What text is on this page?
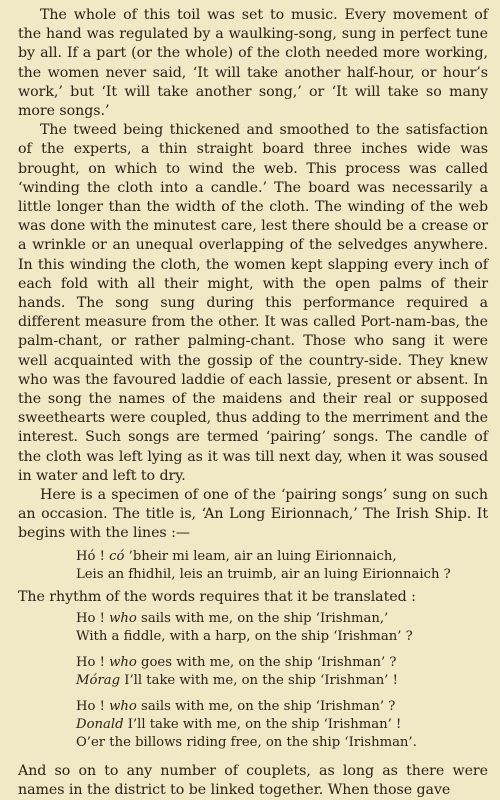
The whole of this toil was set to music. Every movement of the hand was regulated by a waulking-song, sung in perfect tune by all. If a part (or the whole) of the cloth needed more working, the women never said, ‘It will take another half-hour, or hour’s work,’ but ‘It will take another song,’ or ‘It will take so many more songs.’

The tweed being thickened and smoothed to the satisfaction of the experts, a thin straight board three inches wide was brought, on which to wind the web. This process was called ‘winding the cloth into a candle.’ The board was necessarily a little longer than the width of the cloth. The winding of the web was done with the minutest care, lest there should be a crease or a wrinkle or an unequal overlapping of the selvedges anywhere. In this winding the cloth, the women kept slapping every inch of each fold with all their might, with the open palms of their hands. The song sung during this performance required a different measure from the other. It was called Port-nam-bas, the palm-chant, or rather palming-chant. Those who sang it were well acquainted with the gossip of the country-side. They knew who was the favoured laddie of each lassie, present or absent. In the song the names of the maidens and their real or supposed sweethearts were coupled, thus adding to the merriment and the interest. Such songs are termed ‘pairing’ songs. The candle of the cloth was left lying as it was till next day, when it was soused in water and left to dry.

Here is a specimen of one of the ‘pairing songs’ sung on such an occasion. The title is, ‘An Long Eirionnach,’ The Irish Ship. It begins with the lines :—

Hó ! có ’bheir mi leam, air an luing Eirionnaich,
Leis an fhidhil, leis an truimb, air an luing Eirionnaich ?

The rhythm of the words requires that it be translated :

Ho ! who sails with me, on the ship ‘Irishman,’
With a fiddle, with a harp, on the ship ‘Irishman’ ?
Ho ! who goes with me, on the ship ‘Irishman’ ?
Mórag I’ll take with me, on the ship ‘Irishman’ !
Ho ! who sails with me, on the ship ‘Irishman’ ?
Donald I’ll take with me, on the ship ‘Irishman’ !
O’er the billows riding free, on the ship ‘Irishman’.

And so on to any number of couplets, as long as there were names in the district to be linked together. When those gave
